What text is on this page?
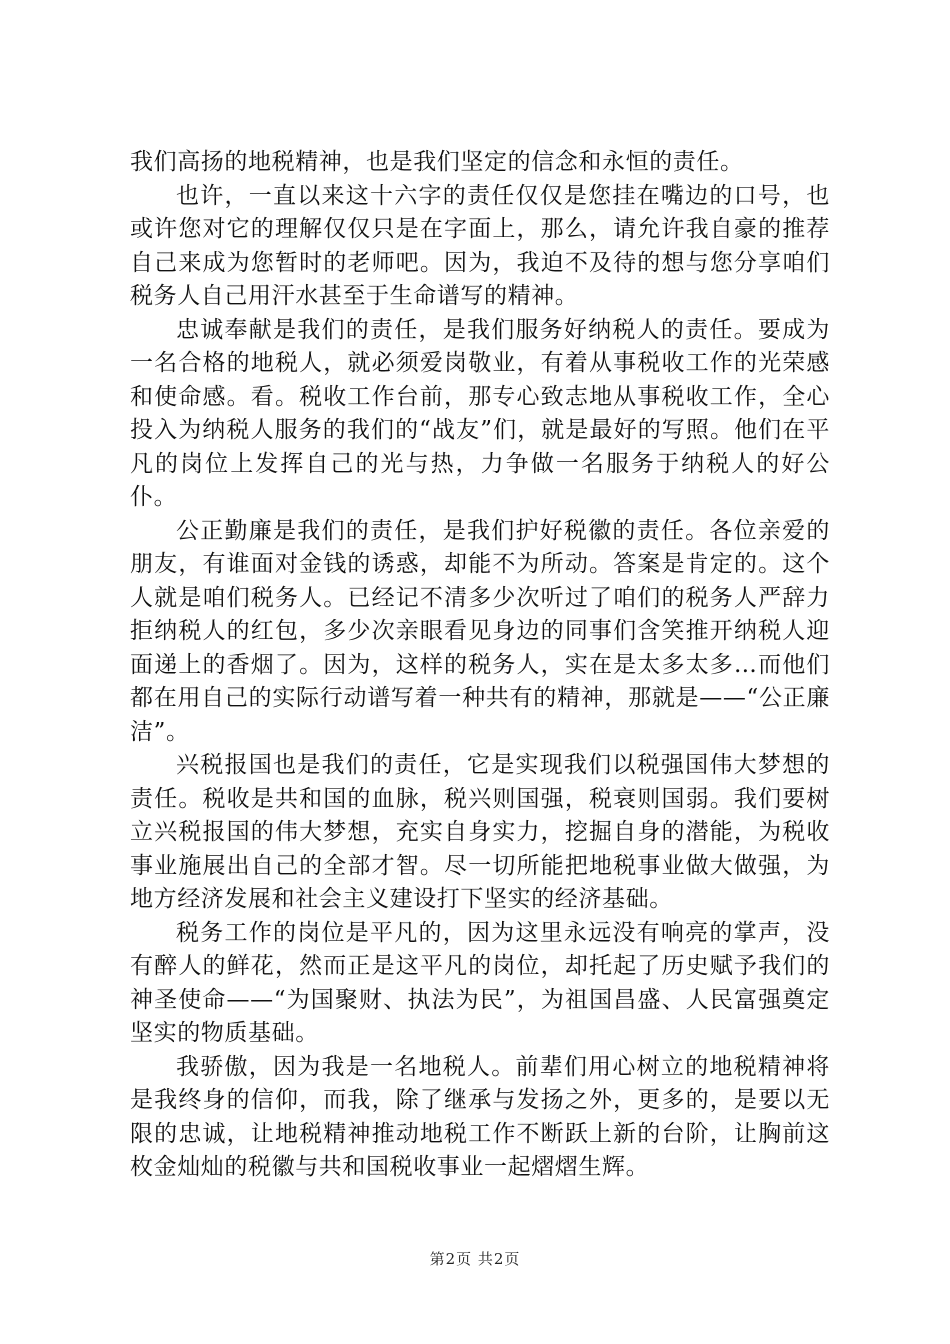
我们高扬的地税精神，也是我们坚定的信念和永恒的责任。

也许，一直以来这十六字的责任仅仅是您挂在嘴边的口号，也或许您对它的理解仅仅只是在字面上，那么，请允许我自豪的推荐自己来成为您暂时的老师吧。因为，我迫不及待的想与您分享咱们税务人自己用汗水甚至于生命谱写的精神。

忠诚奉献是我们的责任，是我们服务好纳税人的责任。要成为一名合格的地税人，就必须爱岗敬业，有着从事税收工作的光荣感和使命感。看。税收工作台前，那专心致志地从事税收工作，全心投入为纳税人服务的我们的“战友”们，就是最好的写照。他们在平凡的岗位上发挥自己的光与热，力争做一名服务于纳税人的好公仆。

公正勤廉是我们的责任，是我们护好税徽的责任。各位亲爱的朋友，有谁面对金钱的诱惑，却能不为所动。答案是肯定的。这个人就是咱们税务人。已经记不清多少次听过了咱们的税务人严辞力拒纳税人的红包，多少次亲眼看见身边的同事们含笑推开纳税人迎面递上的香烟了。因为，这样的税务人，实在是太多太多…而他们都在用自己的实际行动谱写着一种共有的精神，那就是——“公正廉洁”。

兴税报国也是我们的责任，它是实现我们以税强国伟大梦想的责任。税收是共和国的血脉，税兴则国强，税衰则国弱。我们要树立兴税报国的伟大梦想，充实自身实力，挖掘自身的潜能，为税收事业施展出自己的全部才智。尽一切所能把地税事业做大做强，为地方经济发展和社会主义建设打下坚实的经济基础。

税务工作的岗位是平凡的，因为这里永远没有响亮的掌声，没有醉人的鲜花，然而正是这平凡的岗位，却托起了历史赋予我们的神圣使命——“为国聚财、执法为民”，为祖国昌盛、人民富强奠定坚实的物质基础。

我骄傲，因为我是一名地税人。前辈们用心树立的地税精神将是我终身的信仰，而我，除了继承与发扬之外，更多的，是要以无限的忠诚，让地税精神推动地税工作不断跃上新的台阶，让胸前这枚金灿灿的税徽与共和国税收事业一起熠熠生辉。

第2页 共2页
